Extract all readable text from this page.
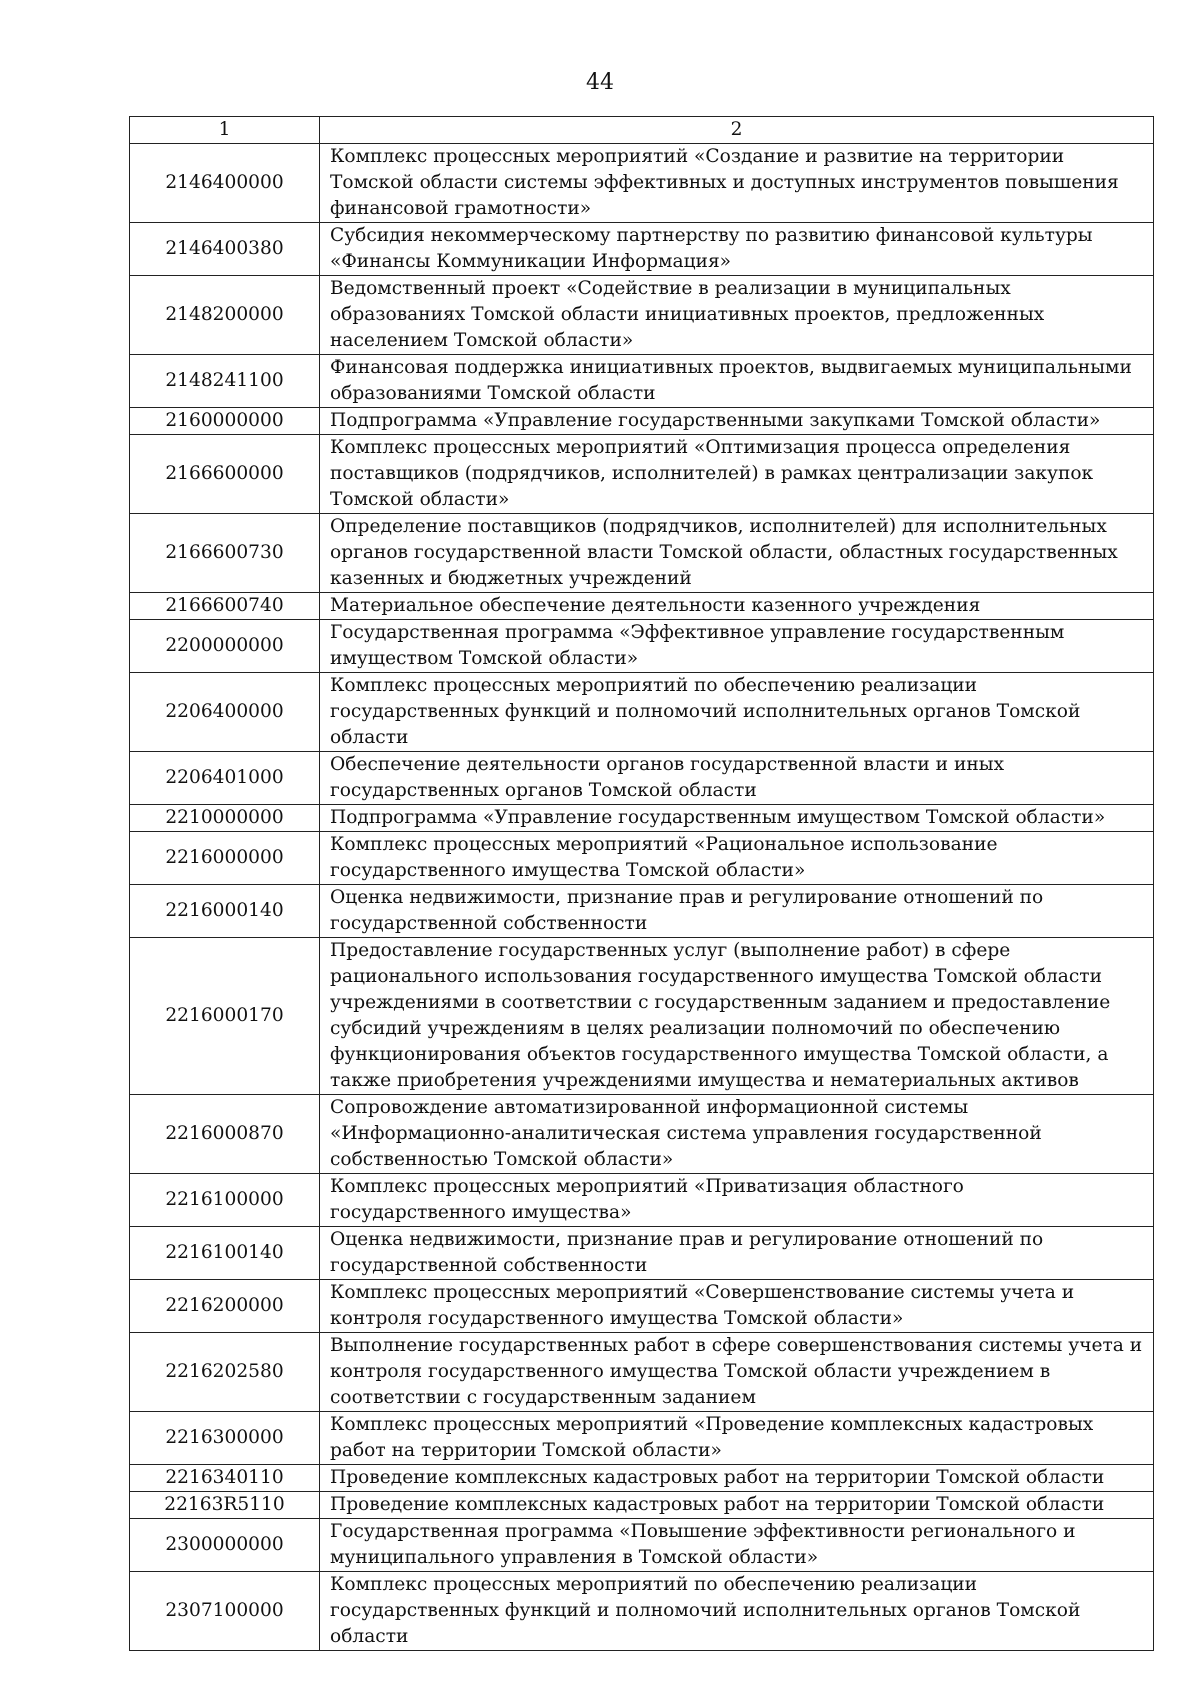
44
1	2
2146400000	Комплекс процессных мероприятий «Создание и развитие на территории Томской области системы эффективных и доступных инструментов повышения финансовой грамотности»
2146400380	Субсидия некоммерческому партнерству по развитию финансовой культуры «Финансы Коммуникации Информация»
2148200000	Ведомственный проект «Содействие в реализации в муниципальных образованиях Томской области инициативных проектов, предложенных населением Томской области»
2148241100	Финансовая поддержка инициативных проектов, выдвигаемых муниципальными образованиями Томской области
2160000000	Подпрограмма «Управление государственными закупками Томской области»
2166600000	Комплекс процессных мероприятий «Оптимизация процесса определения поставщиков (подрядчиков, исполнителей) в рамках централизации закупок Томской области»
2166600730	Определение поставщиков (подрядчиков, исполнителей) для исполнительных органов государственной власти Томской области, областных государственных казенных и бюджетных учреждений
2166600740	Материальное обеспечение деятельности казенного учреждения
2200000000	Государственная программа «Эффективное управление государственным имуществом Томской области»
2206400000	Комплекс процессных мероприятий по обеспечению реализации государственных функций и полномочий исполнительных органов Томской области
2206401000	Обеспечение деятельности органов государственной власти и иных государственных органов Томской области
2210000000	Подпрограмма «Управление государственным имуществом Томской области»
2216000000	Комплекс процессных мероприятий «Рациональное использование государственного имущества Томской области»
2216000140	Оценка недвижимости, признание прав и регулирование отношений по государственной собственности
2216000170	Предоставление государственных услуг (выполнение работ) в сфере рационального использования государственного имущества Томской области учреждениями в соответствии с государственным заданием и предоставление субсидий учреждениям в целях реализации полномочий по обеспечению функционирования объектов государственного имущества Томской области, а также приобретения учреждениями имущества и нематериальных активов
2216000870	Сопровождение автоматизированной информационной системы «Информационно-аналитическая система управления государственной собственностью Томской области»
2216100000	Комплекс процессных мероприятий «Приватизация областного государственного имущества»
2216100140	Оценка недвижимости, признание прав и регулирование отношений по государственной собственности
2216200000	Комплекс процессных мероприятий «Совершенствование системы учета и контроля государственного имущества Томской области»
2216202580	Выполнение государственных работ в сфере совершенствования системы учета и контроля государственного имущества Томской области учреждением в соответствии с государственным заданием
2216300000	Комплекс процессных мероприятий «Проведение комплексных кадастровых работ на территории Томской области»
2216340110	Проведение комплексных кадастровых работ на территории Томской области
22163R5110	Проведение комплексных кадастровых работ на территории Томской области
2300000000	Государственная программа «Повышение эффективности регионального и муниципального управления в Томской области»
2307100000	Комплекс процессных мероприятий по обеспечению реализации государственных функций и полномочий исполнительных органов Томской области
